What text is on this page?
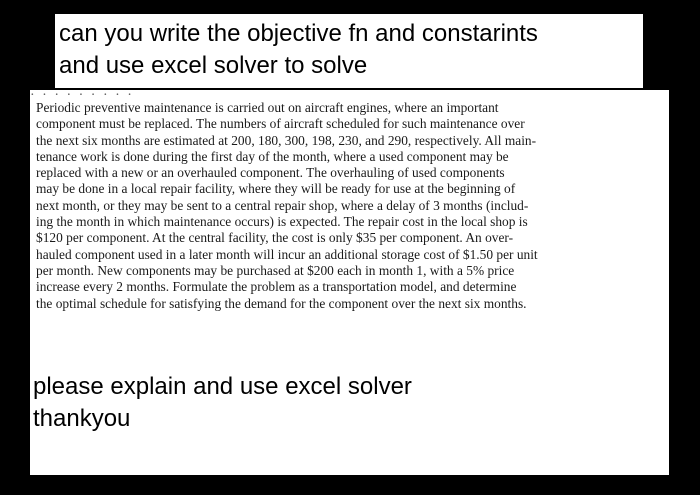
can you write the objective fn and constarints
and use excel solver to solve
· · · · · · · · ·
Periodic preventive maintenance is carried out on aircraft engines, where an important
component must be replaced. The numbers of aircraft scheduled for such maintenance over
the next six months are estimated at 200, 180, 300, 198, 230, and 290, respectively. All main-
tenance work is done during the first day of the month, where a used component may be
replaced with a new or an overhauled component. The overhauling of used components
may be done in a local repair facility, where they will be ready for use at the beginning of
next month, or they may be sent to a central repair shop, where a delay of 3 months (includ-
ing the month in which maintenance occurs) is expected. The repair cost in the local shop is
$120 per component. At the central facility, the cost is only $35 per component. An over-
hauled component used in a later month will incur an additional storage cost of $1.50 per unit
per month. New components may be purchased at $200 each in month 1, with a 5% price
increase every 2 months. Formulate the problem as a transportation model, and determine
the optimal schedule for satisfying the demand for the component over the next six months.
please explain and use excel solver
thankyou
